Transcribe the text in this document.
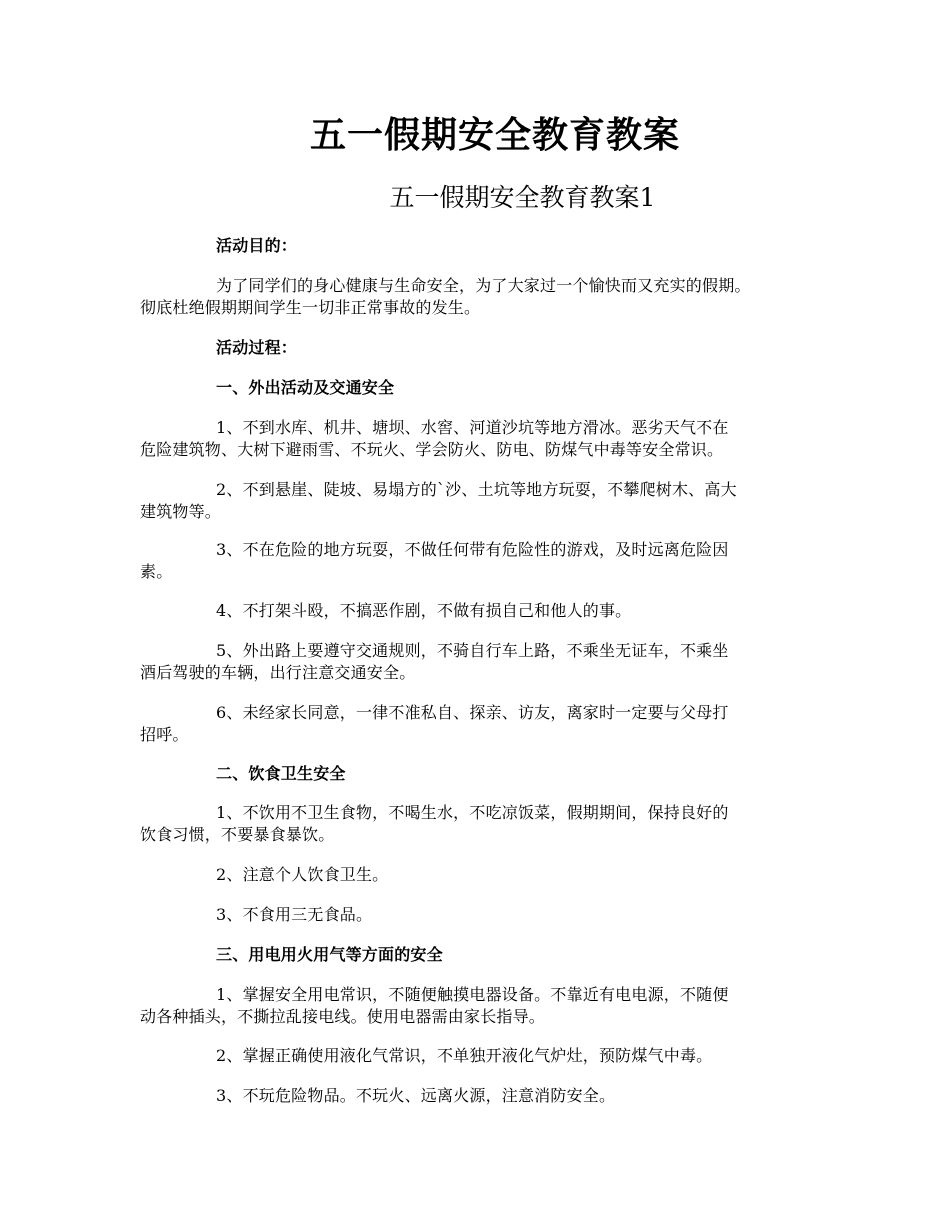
五一假期安全教育教案
五一假期安全教育教案1
活动目的：
为了同学们的身心健康与生命安全，为了大家过一个愉快而又充实的假期。
彻底杜绝假期期间学生一切非正常事故的发生。
活动过程：
一、外出活动及交通安全
1、不到水库、机井、塘坝、水窖、河道沙坑等地方滑冰。恶劣天气不在
危险建筑物、大树下避雨雪、不玩火、学会防火、防电、防煤气中毒等安全常识。
2、不到悬崖、陡坡、易塌方的`沙、土坑等地方玩耍，不攀爬树木、高大
建筑物等。
3、不在危险的地方玩耍，不做任何带有危险性的游戏，及时远离危险因
素。
4、不打架斗殴，不搞恶作剧，不做有损自己和他人的事。
5、外出路上要遵守交通规则，不骑自行车上路，不乘坐无证车，不乘坐
酒后驾驶的车辆，出行注意交通安全。
6、未经家长同意，一律不准私自、探亲、访友，离家时一定要与父母打
招呼。
二、饮食卫生安全
1、不饮用不卫生食物，不喝生水，不吃凉饭菜，假期期间，保持良好的
饮食习惯，不要暴食暴饮。
2、注意个人饮食卫生。
3、不食用三无食品。
三、用电用火用气等方面的安全
1、掌握安全用电常识，不随便触摸电器设备。不靠近有电电源，不随便
动各种插头，不撕拉乱接电线。使用电器需由家长指导。
2、掌握正确使用液化气常识，不单独开液化气炉灶，预防煤气中毒。
3、不玩危险物品。不玩火、远离火源，注意消防安全。
